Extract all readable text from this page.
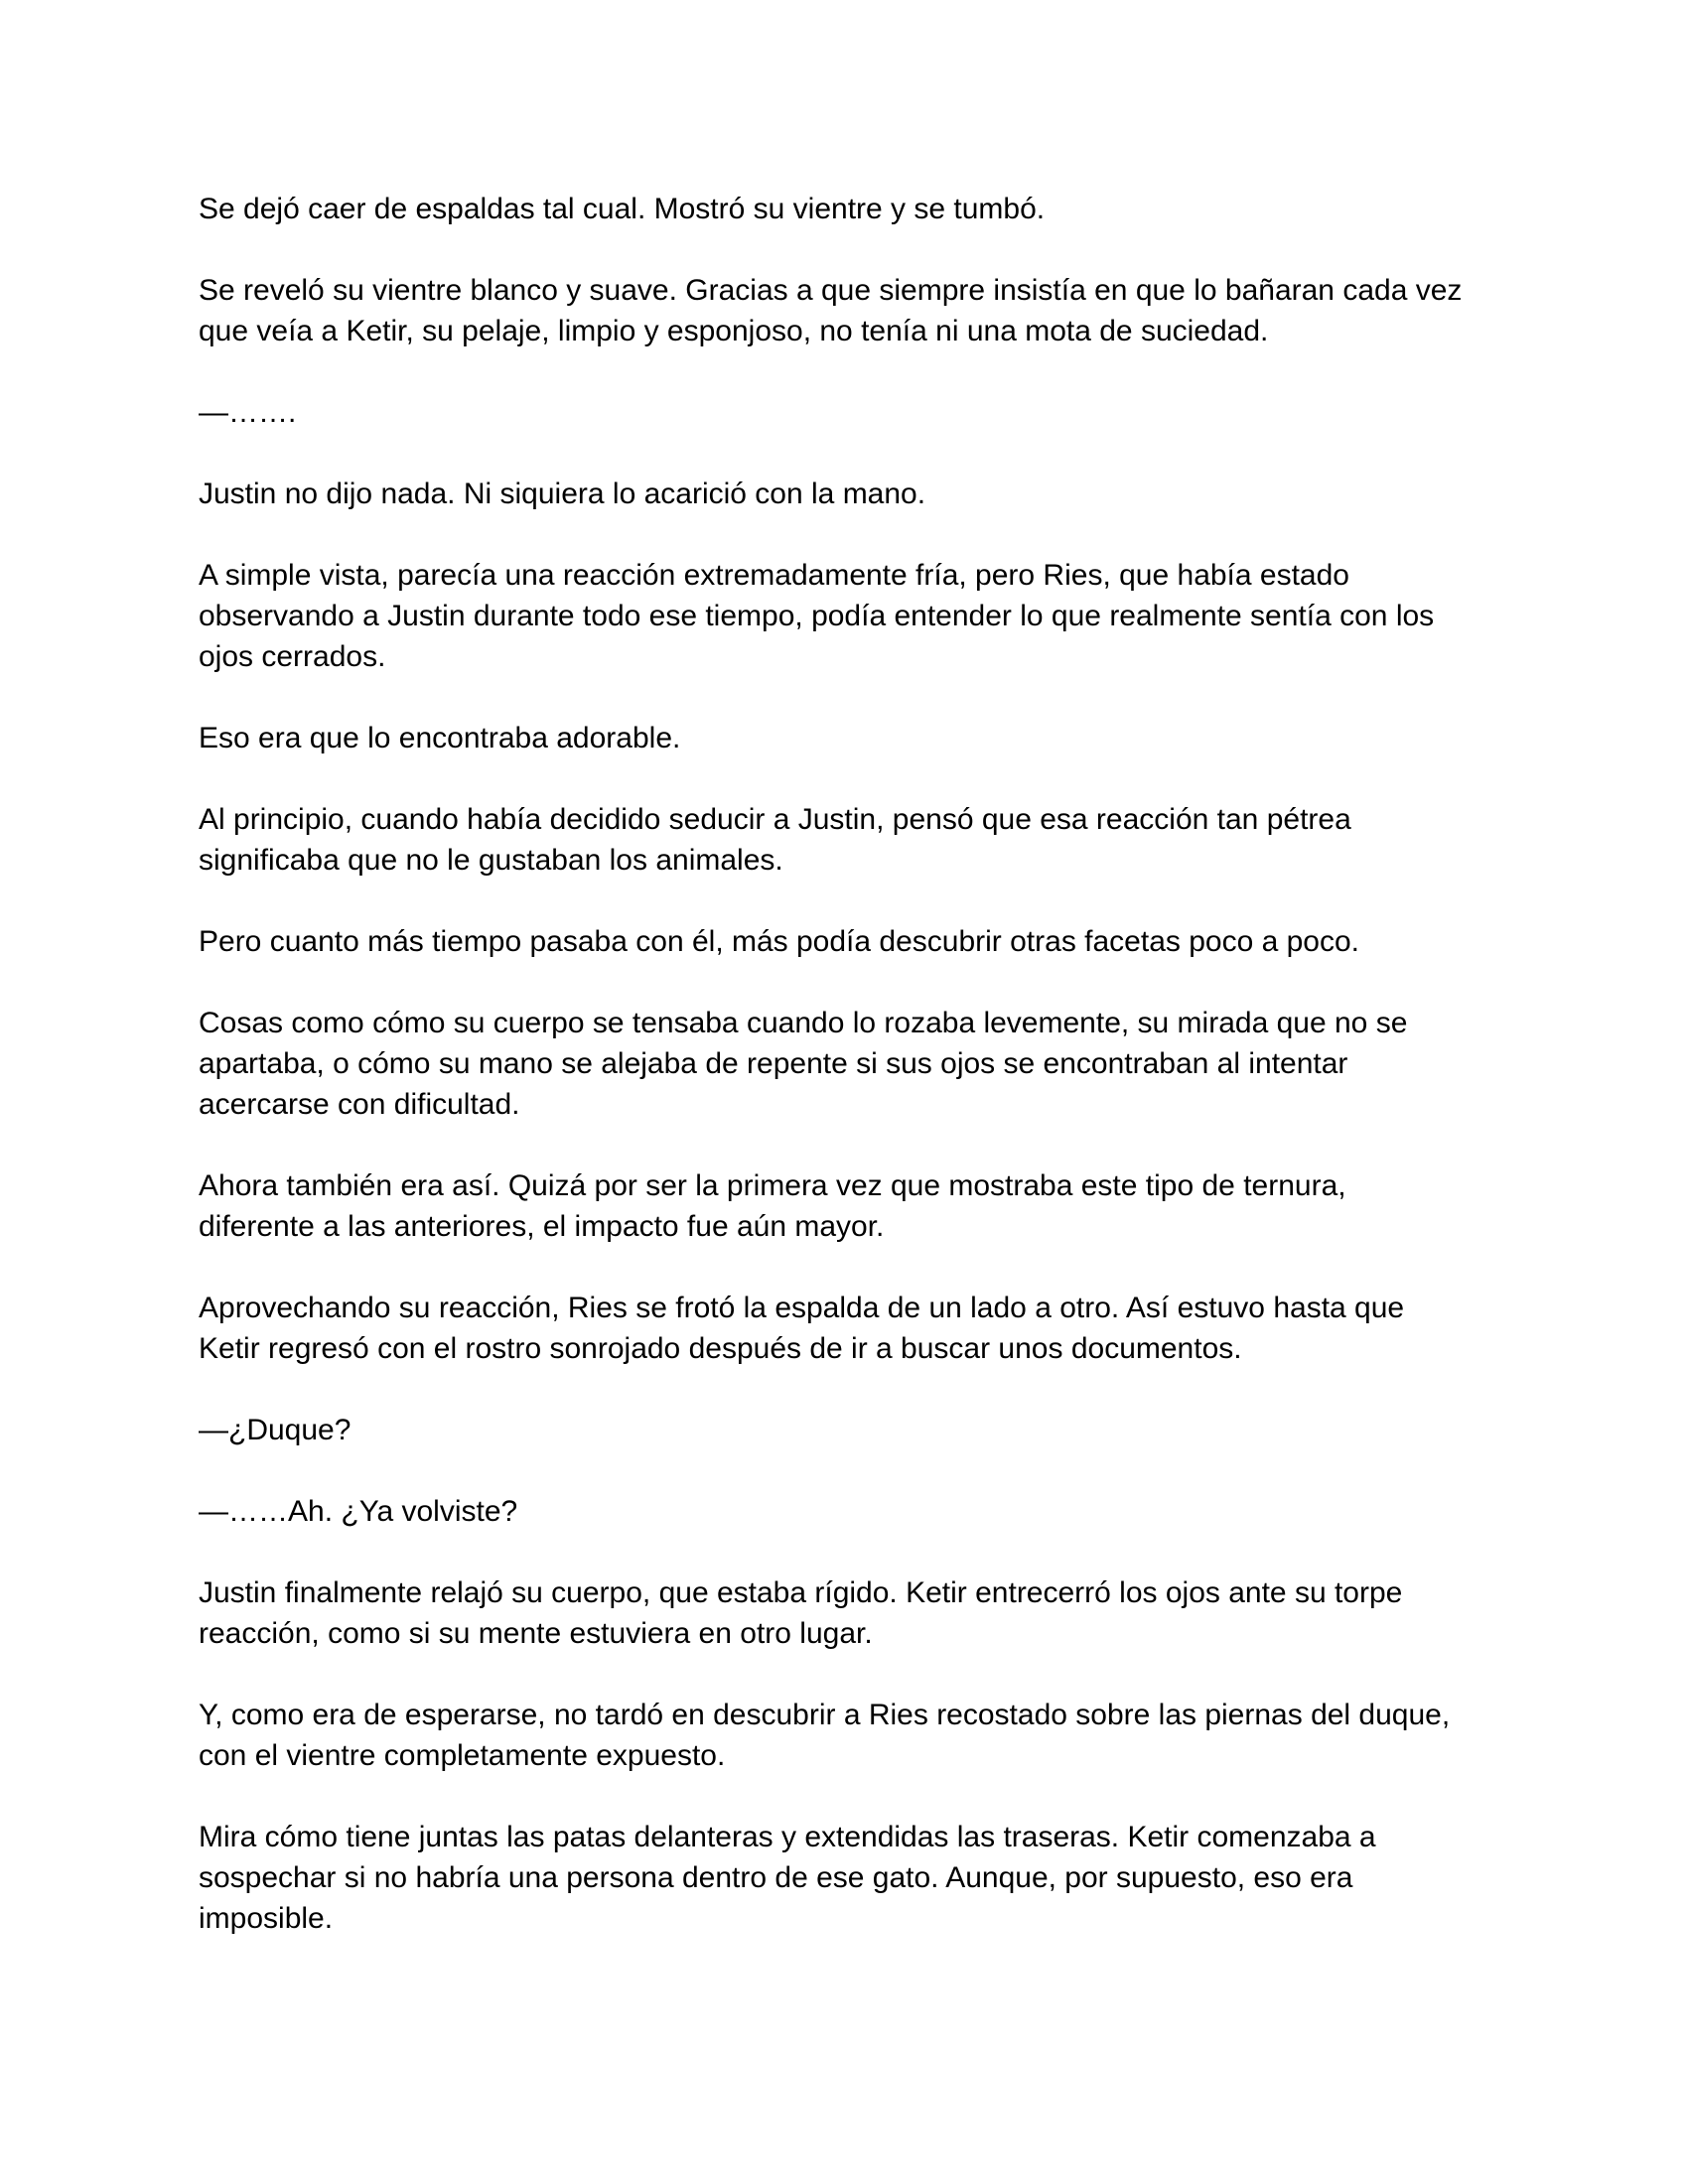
Se dejó caer de espaldas tal cual. Mostró su vientre y se tumbó.

Se reveló su vientre blanco y suave. Gracias a que siempre insistía en que lo bañaran cada vez
que veía a Ketir, su pelaje, limpio y esponjoso, no tenía ni una mota de suciedad.

—…….

Justin no dijo nada. Ni siquiera lo acarició con la mano.

A simple vista, parecía una reacción extremadamente fría, pero Ries, que había estado
observando a Justin durante todo ese tiempo, podía entender lo que realmente sentía con los
ojos cerrados.

Eso era que lo encontraba adorable.

Al principio, cuando había decidido seducir a Justin, pensó que esa reacción tan pétrea
significaba que no le gustaban los animales.

Pero cuanto más tiempo pasaba con él, más podía descubrir otras facetas poco a poco.

Cosas como cómo su cuerpo se tensaba cuando lo rozaba levemente, su mirada que no se
apartaba, o cómo su mano se alejaba de repente si sus ojos se encontraban al intentar
acercarse con dificultad.

Ahora también era así. Quizá por ser la primera vez que mostraba este tipo de ternura,
diferente a las anteriores, el impacto fue aún mayor.

Aprovechando su reacción, Ries se frotó la espalda de un lado a otro. Así estuvo hasta que
Ketir regresó con el rostro sonrojado después de ir a buscar unos documentos.

—¿Duque?

—……Ah. ¿Ya volviste?

Justin finalmente relajó su cuerpo, que estaba rígido. Ketir entrecerró los ojos ante su torpe
reacción, como si su mente estuviera en otro lugar.

Y, como era de esperarse, no tardó en descubrir a Ries recostado sobre las piernas del duque,
con el vientre completamente expuesto.

Mira cómo tiene juntas las patas delanteras y extendidas las traseras. Ketir comenzaba a
sospechar si no habría una persona dentro de ese gato. Aunque, por supuesto, eso era
imposible.
